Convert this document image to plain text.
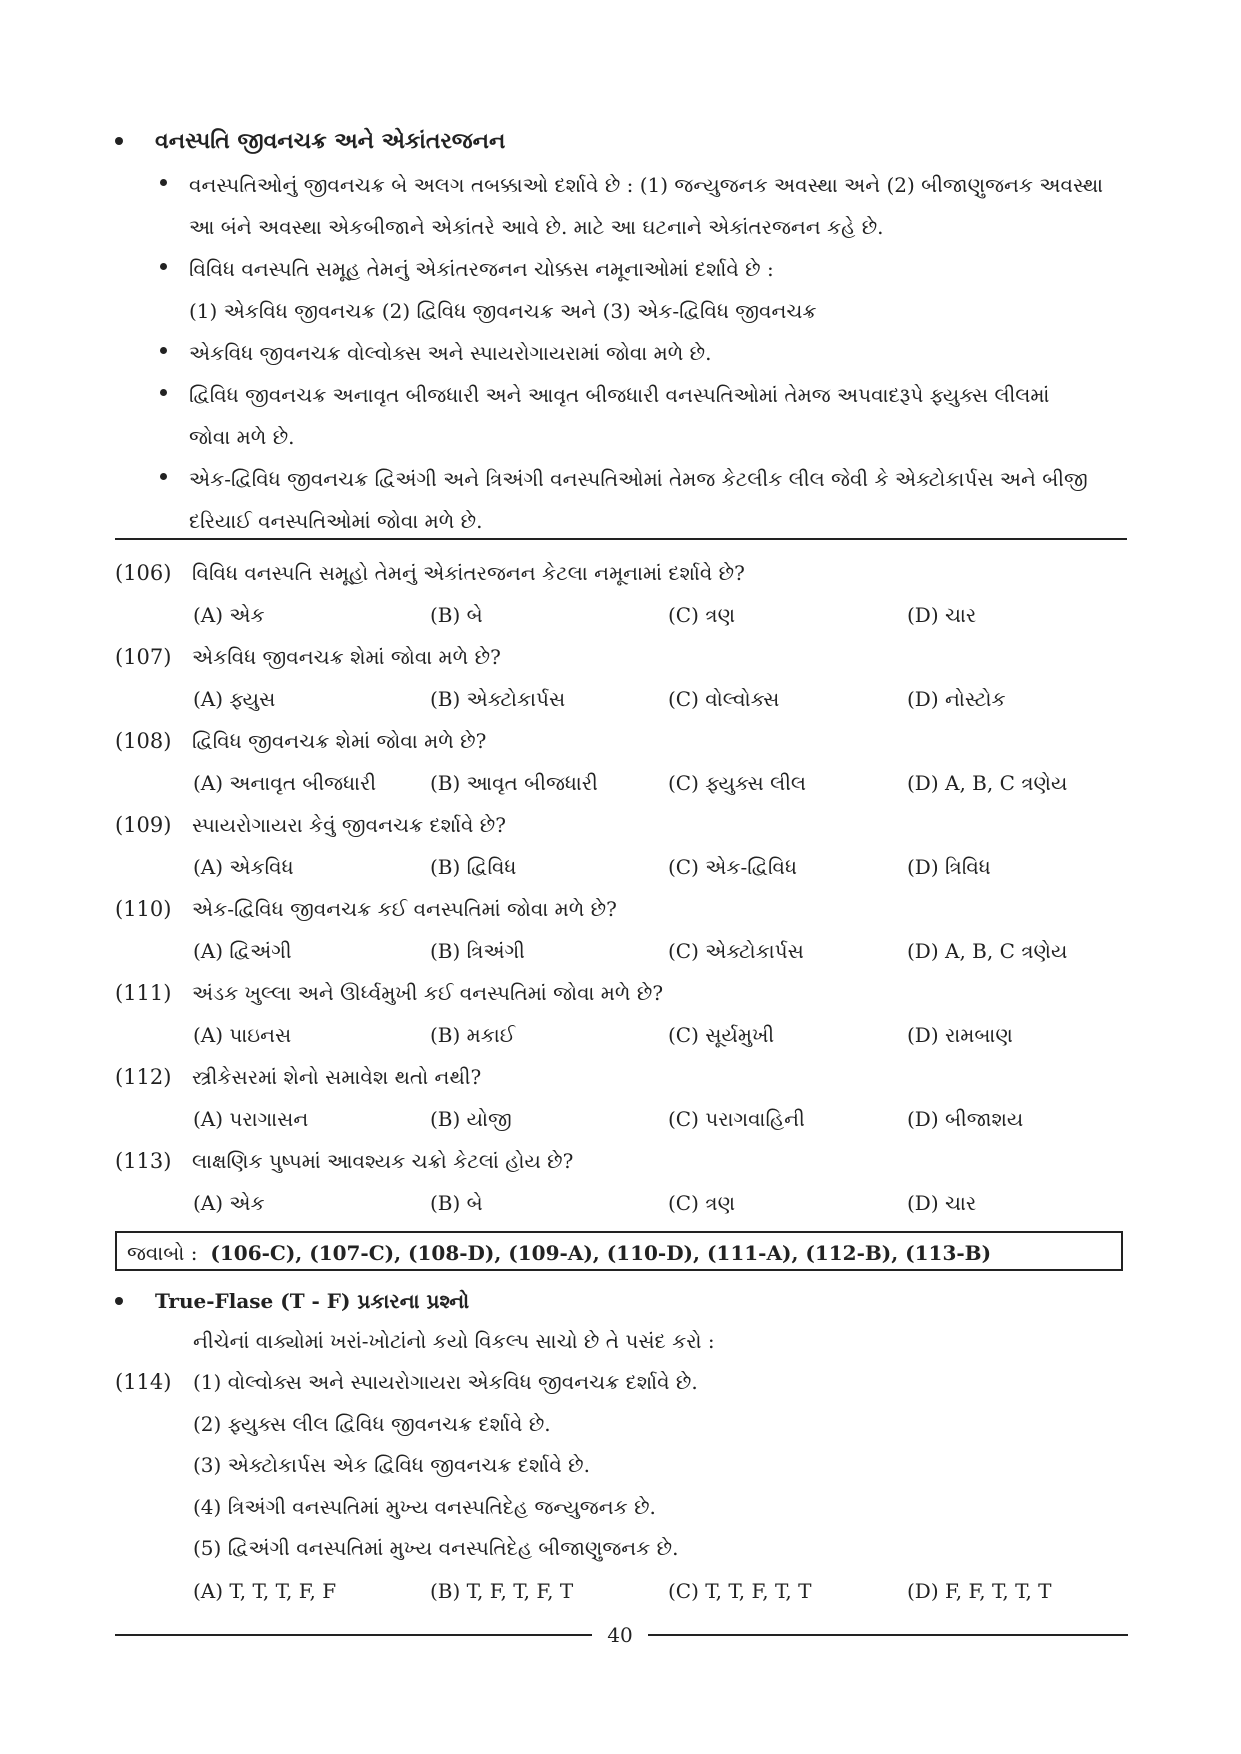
વનસ્પતિ જીવનચક્ર અને એકાંતરજનન
વનસ્પતિઓનું જીવનચક્ર બે અલગ તબક્કાઓ દર્શાવે છે : (1) જન્યુજનક અવસ્થા અને (2) બીજાણુજનક અવસ્થા
આ બંને અવસ્થા એકબીજાને એકાંતરે આવે છે. માટે આ ઘટનાને એકાંતરજનન કહે છે.
વિવિધ વનસ્પતિ સમૂહ તેમનું એકાંતરજનન ચોક્કસ નમૂનાઓમાં દર્શાવે છે :
(1) એકવિધ જીવનચક્ર (2) દ્વિવિધ જીવનચક્ર અને (3) એક-દ્વિવિધ જીવનચક્ર
એકવિધ જીવનચક્ર વોલ્વોક્સ અને સ્પાયરોગાયરામાં જોવા મળે છે.
દ્વિવિધ જીવનચક્ર અનાવૃત બીજધારી અને આવૃત બીજધારી વનસ્પતિઓમાં તેમજ અપવાદરૂપે ફ્યુક્સ લીલમાં
જોવા મળે છે.
એક-દ્વિવિધ જીવનચક્ર દ્વિઅંગી અને ત્રિઅંગી વનસ્પતિઓમાં તેમજ કેટલીક લીલ જેવી કે એક્ટોકાર્પસ અને બીજી
દરિયાઈ વનસ્પતિઓમાં જોવા મળે છે.
(106) વિવિધ વનસ્પતિ સમૂહો તેમનું એકાંતરજનન કેટલા નમૂનામાં દર્શાવે છે?
(A) એક	(B) બે	(C) ત્રણ	(D) ચાર
(107) એકવિધ જીવનચક્ર શેમાં જોવા મળે છે?
(A) ફ્યુસ	(B) એક્ટોકાર્પસ	(C) વોલ્વોક્સ	(D) નોસ્ટોક
(108) દ્વિવિધ જીવનચક્ર શેમાં જોવા મળે છે?
(A) અનાવૃત બીજધારી	(B) આવૃત બીજધારી	(C) ફ્યુક્સ લીલ	(D) A, B, C ત્રણેય
(109) સ્પાયરોગાયરા કેવું જીવનચક્ર દર્શાવે છે?
(A) એકવિધ	(B) દ્વિવિધ	(C) એક-દ્વિવિધ	(D) ત્રિવિધ
(110) એક-દ્વિવિધ જીવનચક્ર કઈ વનસ્પતિમાં જોવા મળે છે?
(A) દ્વિઅંગી	(B) ત્રિઅંગી	(C) એક્ટોકાર્પસ	(D) A, B, C ત્રણેય
(111) અંડક ખુલ્લા અને ઊર્ધ્વમુખી કઈ વનસ્પતિમાં જોવા મળે છે?
(A) પાઇનસ	(B) મકાઈ	(C) સૂર્યમુખી	(D) રામબાણ
(112) સ્ત્રીકેસરમાં શેનો સમાવેશ થતો નથી?
(A) પરાગાસન	(B) યોજી	(C) પરાગવાહિની	(D) બીજાશય
(113) લાક્ષણિક પુષ્પમાં આવશ્યક ચક્રો કેટલાં હોય છે?
(A) એક	(B) બે	(C) ત્રણ	(D) ચાર
જવાબો : (106-C), (107-C), (108-D), (109-A), (110-D), (111-A), (112-B), (113-B)
True-Flase (T - F) પ્રકારના પ્રશ્નો
નીચેનાં વાક્યોમાં ખરાં-ખોટાંનો કયો વિકલ્પ સાચો છે તે પસંદ કરો :
(114) (1) વોલ્વોક્સ અને સ્પાયરોગાયરા એકવિધ જીવનચક્ર દર્શાવે છે.
(2) ફ્યુક્સ લીલ દ્વિવિધ જીવનચક્ર દર્શાવે છે.
(3) એક્ટોકાર્પસ એક દ્વિવિધ જીવનચક્ર દર્શાવે છે.
(4) ત્રિઅંગી વનસ્પતિમાં મુખ્ય વનસ્પતિદેહ જન્યુજનક છે.
(5) દ્વિઅંગી વનસ્પતિમાં મુખ્ય વનસ્પતિદેહ બીજાણુજનક છે.
(A) T, T, T, F, F	(B) T, F, T, F, T	(C) T, T, F, T, T	(D) F, F, T, T, T
40
